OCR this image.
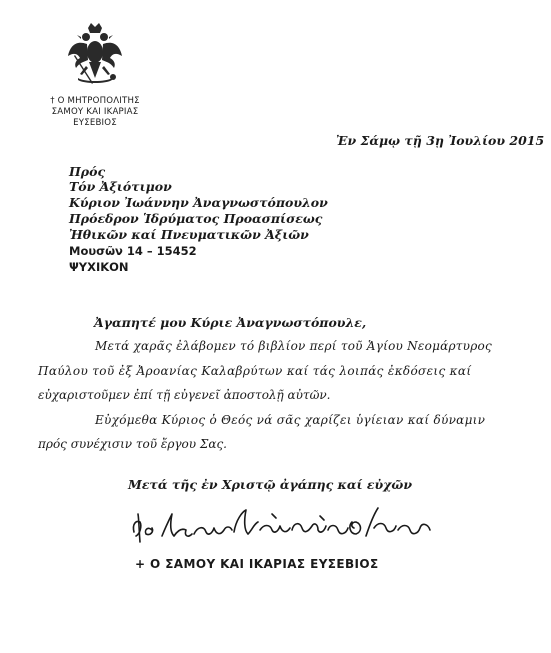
† Ο ΜΗΤΡΟΠΟΛΙΤΗΣ
ΣΑΜΟΥ ΚΑΙ ΙΚΑΡΙΑΣ
ΕΥΣΕΒΙΟΣ
Ἐν Σάμῳ τῇ 3ῃ Ἰουλίου 2015
Πρός
Τόν Ἀξιότιμον
Κύριον Ἰωάννην Ἀναγνωστόπουλον
Πρόεδρον Ἱδρύματος Προασπίσεως
Ἠθικῶν καί Πνευματικῶν Ἀξιῶν
Μουσῶν 14 – 15452
ΨΥΧΙΚΟΝ
Ἀγαπητέ μου Κύριε Ἀναγνωστόπουλε,
Μετά χαρᾶς ἐλάβομεν τό βιβλίον περί τοῦ Ἁγίου Νεομάρτυρος
Παύλου τοῦ ἐξ Ἀροανίας Καλαβρύτων καί τάς λοιπάς ἐκδόσεις καί
εὐχαριστοῦμεν ἐπί τῇ εὐγενεῖ ἀποστολῇ αὐτῶν.
Εὐχόμεθα Κύριος ὁ Θεός νά σᾶς χαρίζει ὑγίειαν καί δύναμιν
πρός συνέχισιν τοῦ ἔργου Σας.
Μετά τῆς ἐν Χριστῷ ἀγάπης καί εὐχῶν
+ Ο ΣΑΜΟΥ ΚΑΙ ΙΚΑΡΙΑΣ ΕΥΣΕΒΙΟΣ
